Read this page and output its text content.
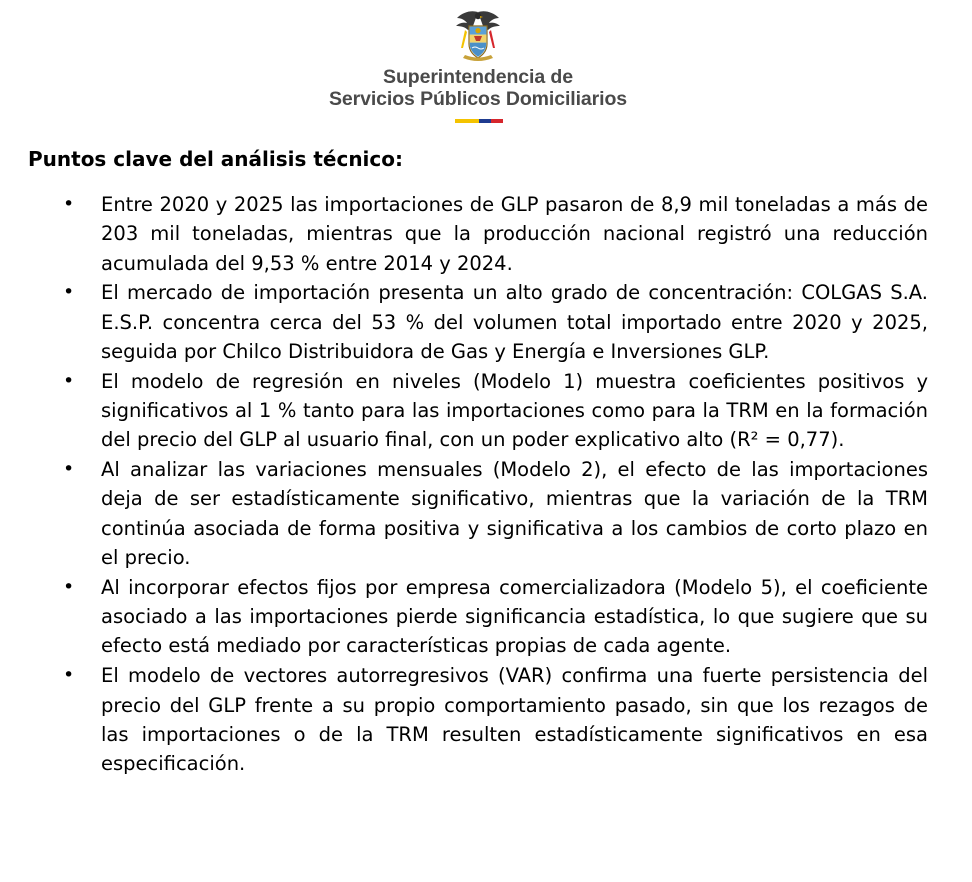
Superintendencia de
Servicios Públicos Domiciliarios
Puntos clave del análisis técnico:
• Entre 2020 y 2025 las importaciones de GLP pasaron de 8,9 mil toneladas a más de 203 mil toneladas, mientras que la producción nacional registró una reducción acumulada del 9,53 % entre 2014 y 2024.
• El mercado de importación presenta un alto grado de concentración: COLGAS S.A. E.S.P. concentra cerca del 53 % del volumen total importado entre 2020 y 2025, seguida por Chilco Distribuidora de Gas y Energía e Inversiones GLP.
• El modelo de regresión en niveles (Modelo 1) muestra coeficientes positivos y significativos al 1 % tanto para las importaciones como para la TRM en la formación del precio del GLP al usuario final, con un poder explicativo alto (R² = 0,77).
• Al analizar las variaciones mensuales (Modelo 2), el efecto de las importaciones deja de ser estadísticamente significativo, mientras que la variación de la TRM continúa asociada de forma positiva y significativa a los cambios de corto plazo en el precio.
• Al incorporar efectos fijos por empresa comercializadora (Modelo 5), el coeficiente asociado a las importaciones pierde significancia estadística, lo que sugiere que su efecto está mediado por características propias de cada agente.
• El modelo de vectores autorregresivos (VAR) confirma una fuerte persistencia del precio del GLP frente a su propio comportamiento pasado, sin que los rezagos de las importaciones o de la TRM resulten estadísticamente significativos en esa especificación.
